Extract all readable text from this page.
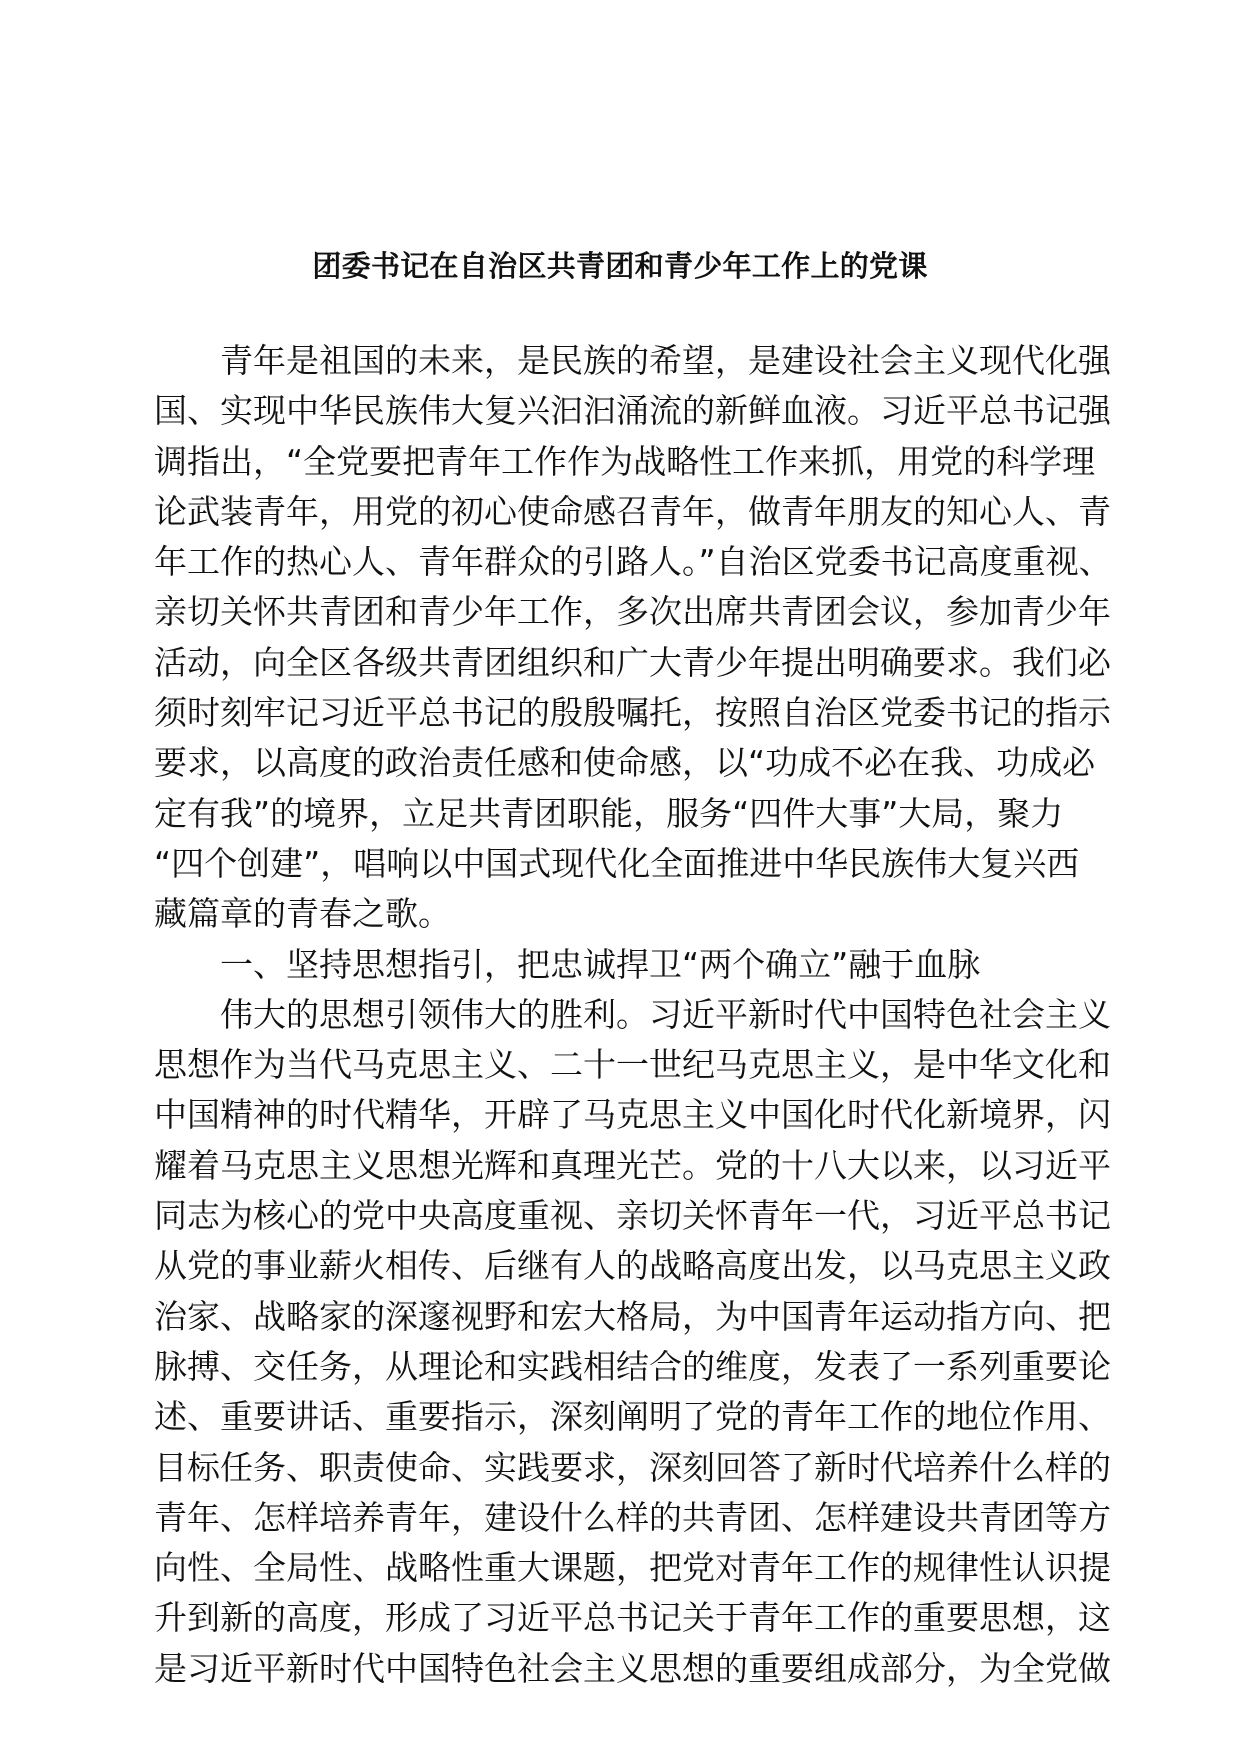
团委书记在自治区共青团和青少年工作上的党课

青年是祖国的未来，是民族的希望，是建设社会主义现代化强

国、实现中华民族伟大复兴汩汩涌流的新鲜血液。习近平总书记强

调指出，“全党要把青年工作作为战略性工作来抓，用党的科学理

论武装青年，用党的初心使命感召青年，做青年朋友的知心人、青

年工作的热心人、青年群众的引路人。”自治区党委书记高度重视、

亲切关怀共青团和青少年工作，多次出席共青团会议，参加青少年

活动，向全区各级共青团组织和广大青少年提出明确要求。我们必

须时刻牢记习近平总书记的殷殷嘱托，按照自治区党委书记的指示

要求，以高度的政治责任感和使命感，以“功成不必在我、功成必

定有我”的境界，立足共青团职能，服务“四件大事”大局，聚力

“四个创建”，唱响以中国式现代化全面推进中华民族伟大复兴西

藏篇章的青春之歌。

一、坚持思想指引，把忠诚捍卫“两个确立”融于血脉

伟大的思想引领伟大的胜利。习近平新时代中国特色社会主义

思想作为当代马克思主义、二十一世纪马克思主义，是中华文化和

中国精神的时代精华，开辟了马克思主义中国化时代化新境界，闪

耀着马克思主义思想光辉和真理光芒。党的十八大以来，以习近平

同志为核心的党中央高度重视、亲切关怀青年一代，习近平总书记

从党的事业薪火相传、后继有人的战略高度出发，以马克思主义政

治家、战略家的深邃视野和宏大格局，为中国青年运动指方向、把

脉搏、交任务，从理论和实践相结合的维度，发表了一系列重要论

述、重要讲话、重要指示，深刻阐明了党的青年工作的地位作用、

目标任务、职责使命、实践要求，深刻回答了新时代培养什么样的

青年、怎样培养青年，建设什么样的共青团、怎样建设共青团等方

向性、全局性、战略性重大课题，把党对青年工作的规律性认识提

升到新的高度，形成了习近平总书记关于青年工作的重要思想，这

是习近平新时代中国特色社会主义思想的重要组成部分，为全党做
